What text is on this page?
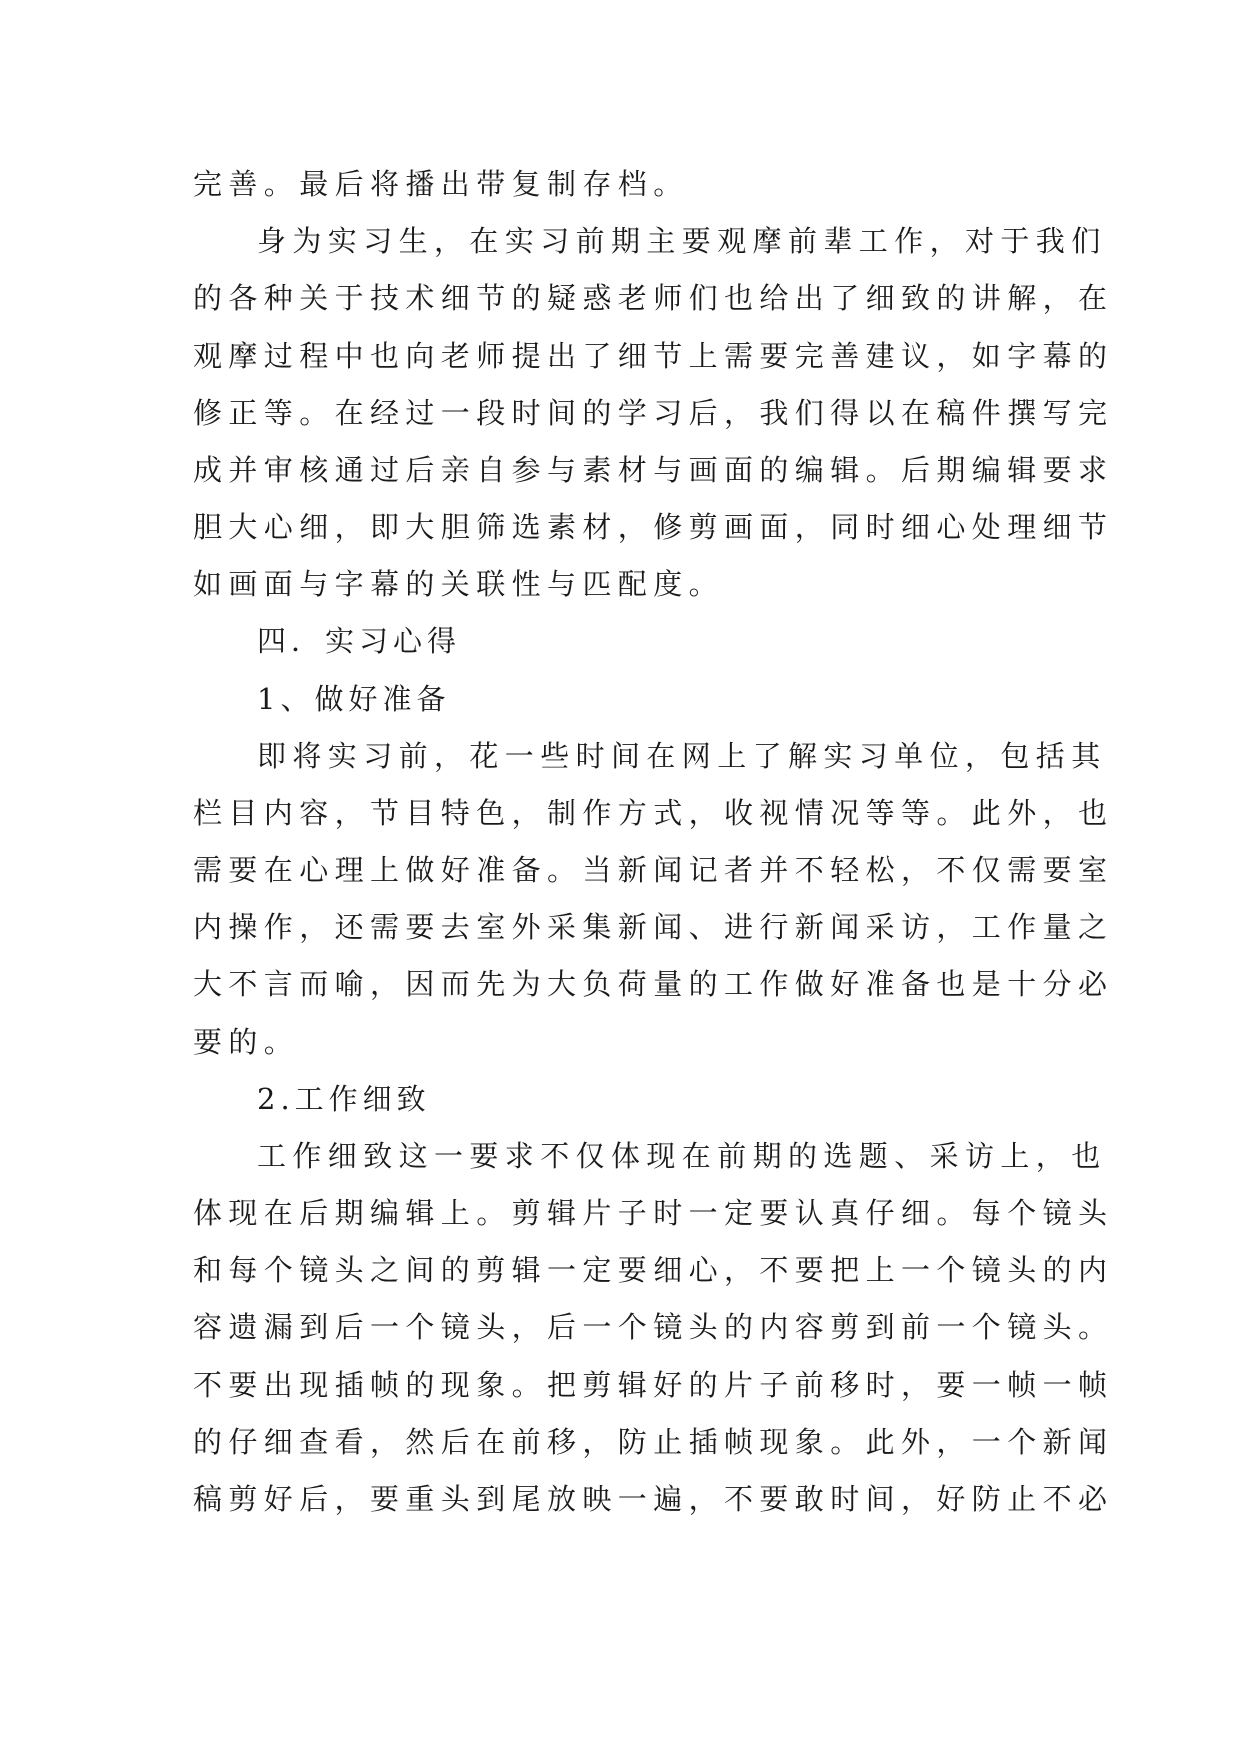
完善。最后将播出带复制存档。
身为实习生，在实习前期主要观摩前辈工作，对于我们
的各种关于技术细节的疑惑老师们也给出了细致的讲解，在
观摩过程中也向老师提出了细节上需要完善建议，如字幕的
修正等。在经过一段时间的学习后，我们得以在稿件撰写完
成并审核通过后亲自参与素材与画面的编辑。后期编辑要求
胆大心细，即大胆筛选素材，修剪画面，同时细心处理细节
如画面与字幕的关联性与匹配度。
四．实习心得
1、做好准备
即将实习前，花一些时间在网上了解实习单位，包括其
栏目内容，节目特色，制作方式，收视情况等等。此外，也
需要在心理上做好准备。当新闻记者并不轻松，不仅需要室
内操作，还需要去室外采集新闻、进行新闻采访，工作量之
大不言而喻，因而先为大负荷量的工作做好准备也是十分必
要的。
2.工作细致
工作细致这一要求不仅体现在前期的选题、采访上，也
体现在后期编辑上。剪辑片子时一定要认真仔细。每个镜头
和每个镜头之间的剪辑一定要细心，不要把上一个镜头的内
容遗漏到后一个镜头，后一个镜头的内容剪到前一个镜头。
不要出现插帧的现象。把剪辑好的片子前移时，要一帧一帧
的仔细查看，然后在前移，防止插帧现象。此外，一个新闻
稿剪好后，要重头到尾放映一遍，不要敢时间，好防止不必
